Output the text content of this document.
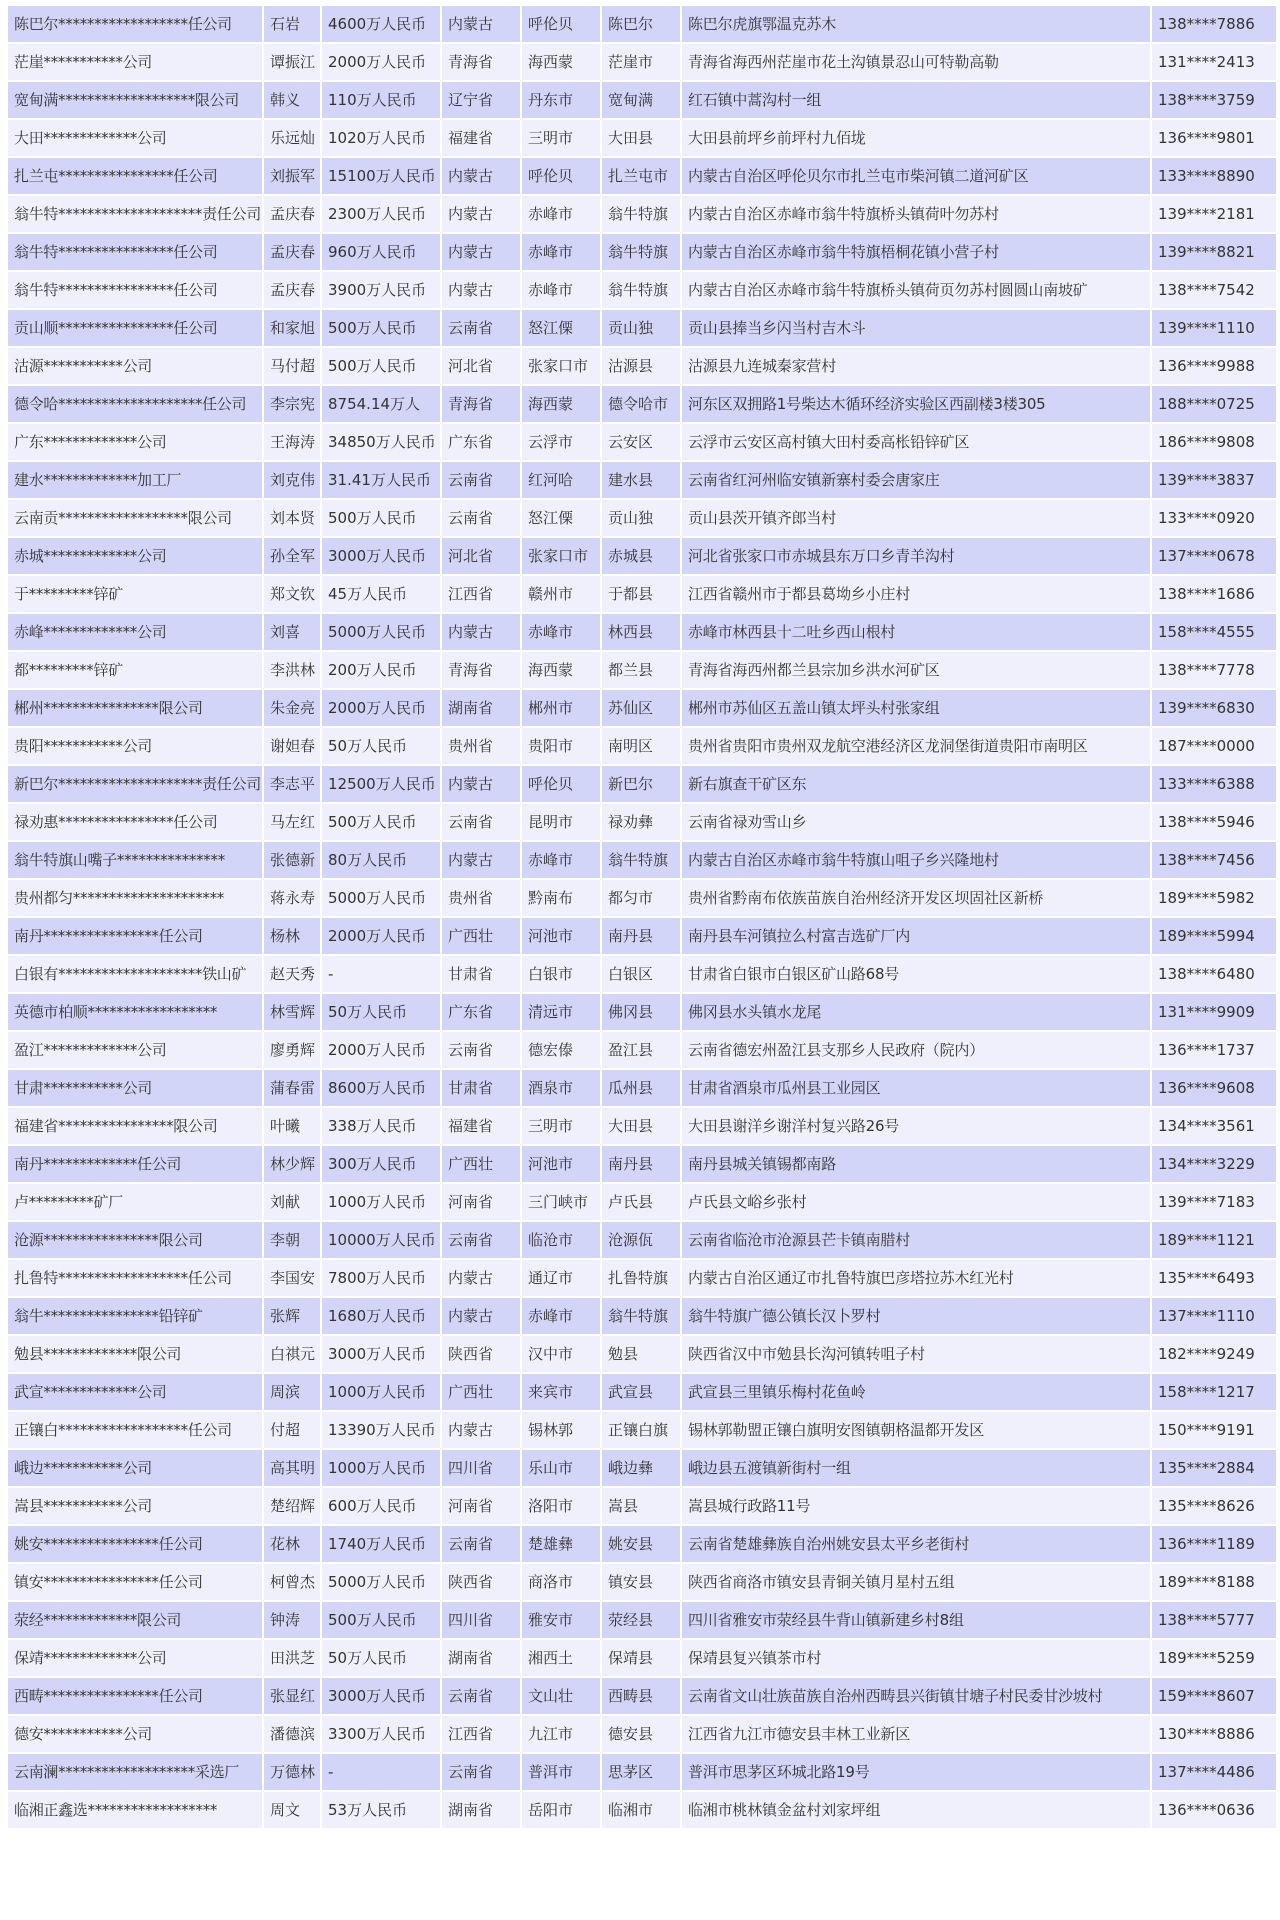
陈巴尔******************任公司	石岩	4600万人民币	内蒙古	呼伦贝	陈巴尔	陈巴尔虎旗鄂温克苏木	138****7886
茫崖***********公司	谭振江	2000万人民币	青海省	海西蒙	茫崖市	青海省海西州茫崖市花土沟镇景忍山可特勒高勒	131****2413
宽甸满*******************限公司	韩义	110万人民币	辽宁省	丹东市	宽甸满	红石镇中蒿沟村一组	138****3759
大田*************公司	乐远灿	1020万人民币	福建省	三明市	大田县	大田县前坪乡前坪村九佰垅	136****9801
扎兰屯****************任公司	刘振军	15100万人民币	内蒙古	呼伦贝	扎兰屯市	内蒙古自治区呼伦贝尔市扎兰屯市柴河镇二道河矿区	133****8890
翁牛特********************责任公司	孟庆春	2300万人民币	内蒙古	赤峰市	翁牛特旗	内蒙古自治区赤峰市翁牛特旗桥头镇荷叶勿苏村	139****2181
翁牛特****************任公司	孟庆春	960万人民币	内蒙古	赤峰市	翁牛特旗	内蒙古自治区赤峰市翁牛特旗梧桐花镇小营子村	139****8821
翁牛特****************任公司	孟庆春	3900万人民币	内蒙古	赤峰市	翁牛特旗	内蒙古自治区赤峰市翁牛特旗桥头镇荷页勿苏村圆圆山南坡矿	138****7542
贡山顺****************任公司	和家旭	500万人民币	云南省	怒江傈	贡山独	贡山县捧当乡闪当村吉木斗	139****1110
沽源***********公司	马付超	500万人民币	河北省	张家口市	沽源县	沽源县九连城秦家营村	136****9988
德令哈********************任公司	李宗宪	8754.14万人	青海省	海西蒙	德令哈市	河东区双拥路1号柴达木循环经济实验区西副楼3楼305	188****0725
广东*************公司	王海涛	34850万人民币	广东省	云浮市	云安区	云浮市云安区高村镇大田村委高枨铅锌矿区	186****9808
建水*************加工厂	刘克伟	31.41万人民币	云南省	红河哈	建水县	云南省红河州临安镇新寨村委会唐家庄	139****3837
云南贡******************限公司	刘本贤	500万人民币	云南省	怒江傈	贡山独	贡山县茨开镇齐郎当村	133****0920
赤城*************公司	孙全军	3000万人民币	河北省	张家口市	赤城县	河北省张家口市赤城县东万口乡青羊沟村	137****0678
于*********锌矿	郑文钦	45万人民币	江西省	赣州市	于都县	江西省赣州市于都县葛坳乡小庄村	138****1686
赤峰*************公司	刘喜	5000万人民币	内蒙古	赤峰市	林西县	赤峰市林西县十二吐乡西山根村	158****4555
都*********锌矿	李洪林	200万人民币	青海省	海西蒙	都兰县	青海省海西州都兰县宗加乡洪水河矿区	138****7778
郴州****************限公司	朱金亮	2000万人民币	湖南省	郴州市	苏仙区	郴州市苏仙区五盖山镇太坪头村张家组	139****6830
贵阳***********公司	谢妲春	50万人民币	贵州省	贵阳市	南明区	贵州省贵阳市贵州双龙航空港经济区龙洞堡街道贵阳市南明区	187****0000
新巴尔********************责任公司	李志平	12500万人民币	内蒙古	呼伦贝	新巴尔	新右旗查干矿区东	133****6388
禄劝惠****************任公司	马左红	500万人民币	云南省	昆明市	禄劝彝	云南省禄劝雪山乡	138****5946
翁牛特旗山嘴子***************	张德新	80万人民币	内蒙古	赤峰市	翁牛特旗	内蒙古自治区赤峰市翁牛特旗山咀子乡兴隆地村	138****7456
贵州都匀*********************	蒋永寿	5000万人民币	贵州省	黔南布	都匀市	贵州省黔南布依族苗族自治州经济开发区坝固社区新桥	189****5982
南丹****************任公司	杨林	2000万人民币	广西壮	河池市	南丹县	南丹县车河镇拉么村富吉选矿厂内	189****5994
白银有********************铁山矿	赵天秀	-	甘肃省	白银市	白银区	甘肃省白银市白银区矿山路68号	138****6480
英德市柏顺******************	林雪辉	50万人民币	广东省	清远市	佛冈县	佛冈县水头镇水龙尾	131****9909
盈江*************公司	廖勇辉	2000万人民币	云南省	德宏傣	盈江县	云南省德宏州盈江县支那乡人民政府（院内）	136****1737
甘肃***********公司	蒲春雷	8600万人民币	甘肃省	酒泉市	瓜州县	甘肃省酒泉市瓜州县工业园区	136****9608
福建省****************限公司	叶曦	338万人民币	福建省	三明市	大田县	大田县谢洋乡谢洋村复兴路26号	134****3561
南丹*************任公司	林少辉	300万人民币	广西壮	河池市	南丹县	南丹县城关镇锡都南路	134****3229
卢*********矿厂	刘献	1000万人民币	河南省	三门峡市	卢氏县	卢氏县文峪乡张村	139****7183
沧源****************限公司	李朝	10000万人民币	云南省	临沧市	沧源佤	云南省临沧市沧源县芒卡镇南腊村	189****1121
扎鲁特******************任公司	李国安	7800万人民币	内蒙古	通辽市	扎鲁特旗	内蒙古自治区通辽市扎鲁特旗巴彦塔拉苏木红光村	135****6493
翁牛****************铅锌矿	张辉	1680万人民币	内蒙古	赤峰市	翁牛特旗	翁牛特旗广德公镇长汉卜罗村	137****1110
勉县*************限公司	白祺元	3000万人民币	陕西省	汉中市	勉县	陕西省汉中市勉县长沟河镇转咀子村	182****9249
武宣*************公司	周滨	1000万人民币	广西壮	来宾市	武宣县	武宣县三里镇乐梅村花鱼岭	158****1217
正镶白******************任公司	付超	13390万人民币	内蒙古	锡林郭	正镶白旗	锡林郭勒盟正镶白旗明安图镇朝格温都开发区	150****9191
峨边***********公司	高其明	1000万人民币	四川省	乐山市	峨边彝	峨边县五渡镇新街村一组	135****2884
嵩县***********公司	楚绍辉	600万人民币	河南省	洛阳市	嵩县	嵩县城行政路11号	135****8626
姚安****************任公司	花林	1740万人民币	云南省	楚雄彝	姚安县	云南省楚雄彝族自治州姚安县太平乡老街村	136****1189
镇安****************任公司	柯曾杰	5000万人民币	陕西省	商洛市	镇安县	陕西省商洛市镇安县青铜关镇月星村五组	189****8188
荥经*************限公司	钟涛	500万人民币	四川省	雅安市	荥经县	四川省雅安市荥经县牛背山镇新建乡村8组	138****5777
保靖*************公司	田洪芝	50万人民币	湖南省	湘西土	保靖县	保靖县复兴镇茶市村	189****5259
西畴****************任公司	张显红	3000万人民币	云南省	文山壮	西畴县	云南省文山壮族苗族自治州西畴县兴街镇甘塘子村民委甘沙坡村	159****8607
德安***********公司	潘德滨	3300万人民币	江西省	九江市	德安县	江西省九江市德安县丰林工业新区	130****8886
云南澜*******************采选厂	万德林	-	云南省	普洱市	思茅区	普洱市思茅区环城北路19号	137****4486
临湘正鑫选******************	周文	53万人民币	湖南省	岳阳市	临湘市	临湘市桃林镇金盆村刘家坪组	136****0636
